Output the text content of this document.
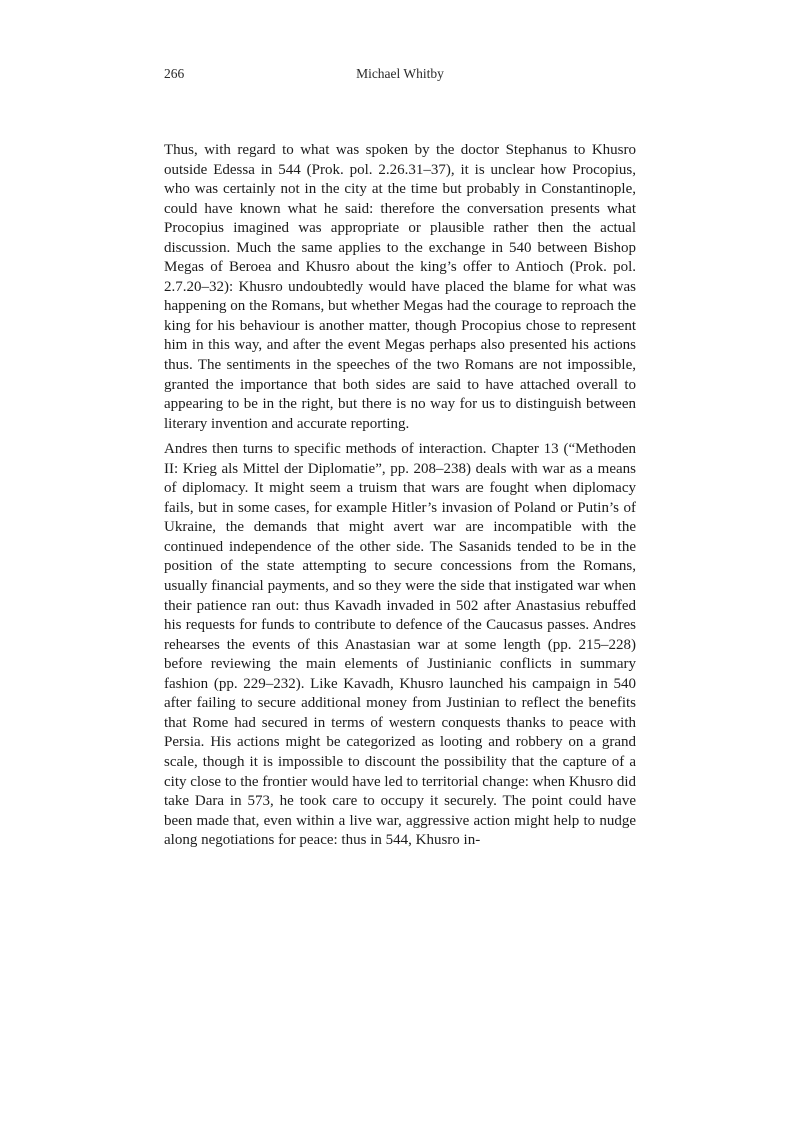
266	Michael Whitby

Thus, with regard to what was spoken by the doctor Stephanus to Khusro outside Edessa in 544 (Prok. pol. 2.26.31–37), it is unclear how Procopius, who was certainly not in the city at the time but probably in Constantinople, could have known what he said: therefore the conversation presents what Procopius imagined was appropriate or plausible rather then the actual discussion. Much the same applies to the exchange in 540 between Bishop Megas of Beroea and Khusro about the king’s offer to Antioch (Prok. pol. 2.7.20–32): Khusro undoubtedly would have placed the blame for what was happening on the Romans, but whether Megas had the courage to reproach the king for his behaviour is another matter, though Procopius chose to represent him in this way, and after the event Megas perhaps also presented his actions thus. The sentiments in the speeches of the two Romans are not impossible, granted the importance that both sides are said to have attached overall to appearing to be in the right, but there is no way for us to distinguish between literary invention and accurate reporting.

Andres then turns to specific methods of interaction. Chapter 13 (“Methoden II: Krieg als Mittel der Diplomatie”, pp. 208–238) deals with war as a means of diplomacy. It might seem a truism that wars are fought when diplomacy fails, but in some cases, for example Hitler’s invasion of Poland or Putin’s of Ukraine, the demands that might avert war are incompatible with the continued independence of the other side. The Sasanids tended to be in the position of the state attempting to secure concessions from the Romans, usually financial payments, and so they were the side that instigated war when their patience ran out: thus Kavadh invaded in 502 after Anastasius rebuffed his requests for funds to contribute to defence of the Caucasus passes. Andres rehearses the events of this Anastasian war at some length (pp. 215–228) before reviewing the main elements of Justinianic conflicts in summary fashion (pp. 229–232). Like Kavadh, Khusro launched his campaign in 540 after failing to secure additional money from Justinian to reflect the benefits that Rome had secured in terms of western conquests thanks to peace with Persia. His actions might be categorized as looting and robbery on a grand scale, though it is impossible to discount the possibility that the capture of a city close to the frontier would have led to territorial change: when Khusro did take Dara in 573, he took care to occupy it securely. The point could have been made that, even within a live war, aggressive action might help to nudge along negotiations for peace: thus in 544, Khusro in-
